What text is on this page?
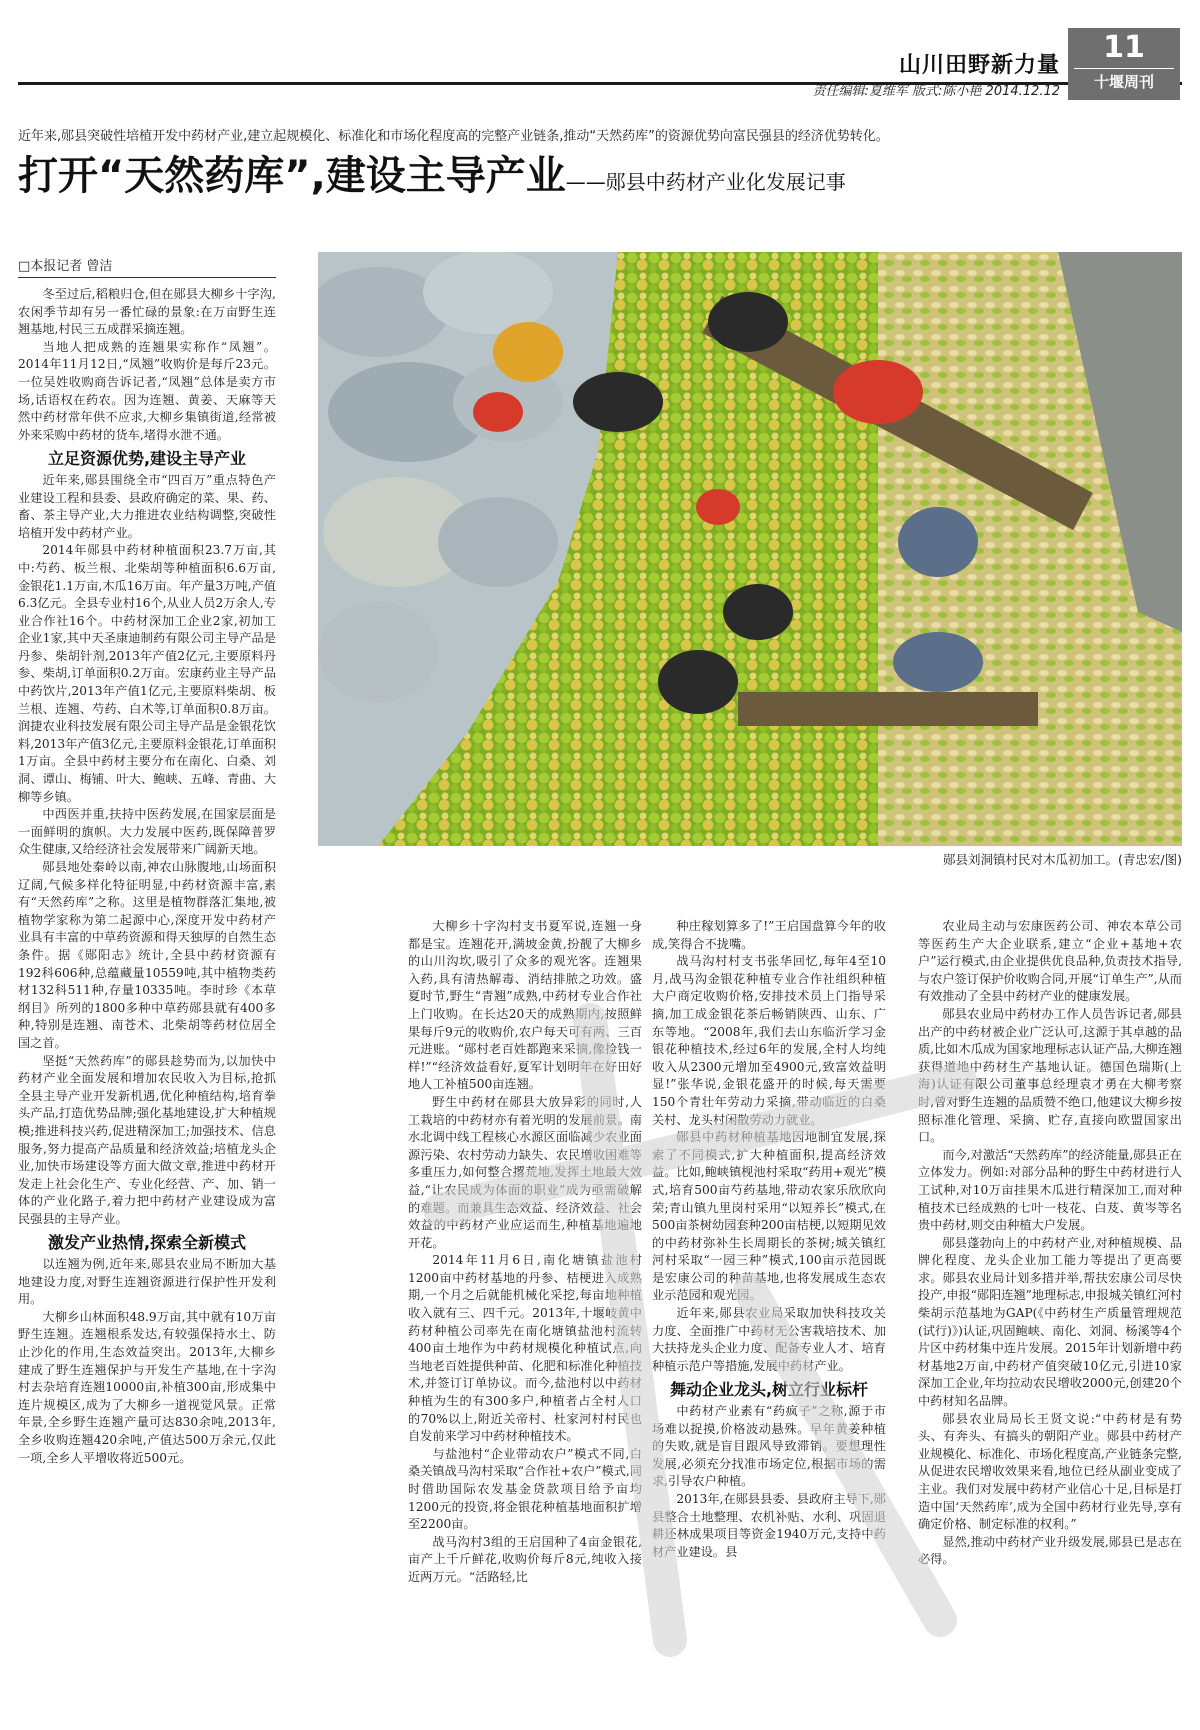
山川田野新力量
责任编辑:夏维军 版式:陈小艳 2014.12.12
11
十堰周刊
近年来,郧县突破性培植开发中药材产业,建立起规模化、标准化和市场化程度高的完整产业链条,推动“天然药库”的资源优势向富民强县的经济优势转化。
打开“天然药库”,建设主导产业——郧县中药材产业化发展记事
□本报记者 曾洁

冬至过后,稻粮归仓,但在郧县大柳乡十字沟,农闲季节却有另一番忙碌的景象:在万亩野生连翘基地,村民三五成群采摘连翘。

当地人把成熟的连翘果实称作“凤翘”。2014年11月12日,“凤翘”收购价是每斤23元。一位吴姓收购商告诉记者,“凤翘”总体是卖方市场,话语权在药农。因为连翘、黄姜、天麻等天然中药材常年供不应求,大柳乡集镇街道,经常被外来采购中药材的货车,堵得水泄不通。

立足资源优势,建设主导产业

近年来,郧县围绕全市“四百万”重点特色产业建设工程和县委、县政府确定的菜、果、药、畜、茶主导产业,大力推进农业结构调整,突破性培植开发中药材产业。

2014年郧县中药材种植面积23.7万亩,其中:芍药、板兰根、北柴胡等种植面积6.6万亩,金银花1.1万亩,木瓜16万亩。年产量3万吨,产值6.3亿元。全县专业村16个,从业人员2万余人,专业合作社16个。中药材深加工企业2家,初加工企业1家,其中天圣康迪制药有限公司主导产品是丹参、柴胡针剂,2013年产值2亿元,主要原料丹参、柴胡,订单面积0.2万亩。宏康药业主导产品中药饮片,2013年产值1亿元,主要原料柴胡、板兰根、连翘、芍药、白术等,订单面积0.8万亩。润捷农业科技发展有限公司主导产品是金银花饮料,2013年产值3亿元,主要原料金银花,订单面积1万亩。全县中药材主要分布在南化、白桑、刘洞、谭山、梅铺、叶大、鲍峡、五峰、青曲、大柳等乡镇。

中西医并重,扶持中医药发展,在国家层面是一面鲜明的旗帜。大力发展中医药,既保障普罗众生健康,又给经济社会发展带来广阔新天地。

郧县地处秦岭以南,神农山脉腹地,山场面积辽阔,气候多样化特征明显,中药材资源丰富,素有“天然药库”之称。这里是植物群落汇集地,被植物学家称为第二起源中心,深度开发中药材产业具有丰富的中草药资源和得天独厚的自然生态条件。据《郧阳志》统计,全县中药材资源有192科606种,总蕴藏量10559吨,其中植物类药材132科511种,存量10335吨。李时珍《本草纲目》所列的1800多种中草药郧县就有400多种,特别是连翘、南苍术、北柴胡等药材位居全国之首。

坚挺“天然药库”的郧县趁势而为,以加快中药材产业全面发展和增加农民收入为目标,抢抓全县主导产业开发新机遇,优化种植结构,培育拳头产品,打造优势品牌;强化基地建设,扩大种植规模;推进科技兴药,促进精深加工;加强技术、信息服务,努力提高产品质量和经济效益;培植龙头企业,加快市场建设等方面大做文章,推进中药材开发走上社会化生产、专业化经营、产、加、销一体的产业化路子,着力把中药材产业建设成为富民强县的主导产业。

激发产业热情,探索全新模式

以连翘为例,近年来,郧县农业局不断加大基地建设力度,对野生连翘资源进行保护性开发利用。

大柳乡山林面积48.9万亩,其中就有10万亩野生连翘。连翘根系发达,有较强保持水土、防止沙化的作用,生态效益突出。2013年,大柳乡建成了野生连翘保护与开发生产基地,在十字沟村去杂培育连翘10000亩,补植300亩,形成集中连片规模区,成为了大柳乡一道视觉风景。正常年景,全乡野生连翘产量可达830余吨,2013年,全乡收购连翘420余吨,产值达500万余元,仅此一项,全乡人平增收将近500元。

郧县刘洞镇村民对木瓜初加工。(青忠宏/图)

大柳乡十字沟村支书夏军说,连翘一身都是宝。连翘花开,满坡金黄,扮靓了大柳乡的山川沟坎,吸引了众多的观光客。连翘果入药,具有清热解毒、消结排脓之功效。盛夏时节,野生“青翘”成熟,中药材专业合作社上门收购。在长达20天的成熟期内,按照鲜果每斤9元的收购价,农户每天可有两、三百元进账。“郧村老百姓都跑来采摘,像捡钱一样!”“经济效益看好,夏军计划明年在好田好地人工补植500亩连翘。

野生中药材在郧县大放异彩的同时,人工栽培的中药材亦有着光明的发展前景。南水北调中线工程核心水源区面临减少农业面源污染、农村劳动力缺失、农民增收困难等多重压力,如何整合撂荒地,发挥土地最大效益,“让农民成为体面的职业”成为亟需破解的难题。而兼具生态效益、经济效益、社会效益的中药材产业应运而生,种植基地遍地开花。

2014年11月6日,南化塘镇盐池村1200亩中药材基地的丹参、桔梗进入成熟期,一个月之后就能机械化采挖,每亩地种植收入就有三、四千元。2013年,十堰岐黄中药材种植公司率先在南化塘镇盐池村流转400亩土地作为中药材规模化种植试点,向当地老百姓提供种苗、化肥和标准化种植技术,并签订订单协议。而今,盐池村以中药材种植为生的有300多户,种植者占全村人口的70%以上,附近关帝村、杜家河村村民也自发前来学习中药材种植技术。

与盐池村“企业带动农户”模式不同,白桑关镇战马沟村采取“合作社+农户”模式,同时借助国际农发基金贷款项目给予亩均1200元的投资,将金银花种植基地面积扩增至2200亩。

战马沟村3组的王启国种了4亩金银花,亩产上千斤鲜花,收购价每斤8元,纯收入接近两万元。“活路轻,比

种庄稼划算多了!”王启国盘算今年的收成,笑得合不拢嘴。

战马沟村村支书张华回忆,每年4至10月,战马沟金银花种植专业合作社组织种植大户商定收购价格,安排技术员上门指导采摘,加工成金银花茶后畅销陕西、山东、广东等地。“2008年,我们去山东临沂学习金银花种植技术,经过6年的发展,全村人均纯收入从2300元增加至4900元,致富效益明显!”张华说,金银花盛开的时候,每天需要150个青壮年劳动力采摘,带动临近的白桑关村、龙头村闲散劳动力就业。

郧县中药材种植基地因地制宜发展,探索了不同模式,扩大种植面积,提高经济效益。比如,鲍峡镇枧池村采取“药用+观光”模式,培育500亩芍药基地,带动农家乐欣欣向荣;青山镇九里岗村采用“以短养长”模式,在500亩茶树幼园套种200亩桔梗,以短期见效的中药材弥补生长周期长的茶树;城关镇红河村采取“一园三种”模式,100亩示范园既是宏康公司的种苗基地,也将发展成生态农业示范园和观光园。

近年来,郧县农业局采取加快科技攻关力度、全面推广中药材无公害栽培技术、加大扶持龙头企业力度、配备专业人才、培育种植示范户等措施,发展中药材产业。

舞动企业龙头,树立行业标杆

中药材产业素有“药疯子”之称,源于市场难以捉摸,价格波动悬殊。早年黄姜种植的失败,就是盲目跟风导致滞销。要想理性发展,必须充分找准市场定位,根据市场的需求,引导农户种植。

2013年,在郧县县委、县政府主导下,郧县整合土地整理、农机补贴、水利、巩固退耕还林成果项目等资金1940万元,支持中药材产业建设。县

农业局主动与宏康医药公司、神农本草公司等医药生产大企业联系,建立“企业+基地+农户”运行模式,由企业提供优良品种,负责技术指导,与农户签订保护价收购合同,开展“订单生产”,从而有效推动了全县中药材产业的健康发展。

郧县农业局中药材办工作人员告诉记者,郧县出产的中药材被企业广泛认可,这源于其卓越的品质,比如木瓜成为国家地理标志认证产品,大柳连翘获得道地中药材生产基地认证。德国色瑞斯(上海)认证有限公司董事总经理袁才勇在大柳考察时,曾对野生连翘的品质赞不绝口,他建议大柳乡按照标准化管理、采摘、贮存,直接向欧盟国家出口。

而今,对激活“天然药库”的经济能量,郧县正在立体发力。例如:对部分品种的野生中药材进行人工试种,对10万亩挂果木瓜进行精深加工,而对种植技术已经成熟的七叶一枝花、白芨、黄岑等名贵中药材,则交由种植大户发展。

郧县蓬勃向上的中药材产业,对种植规模、品牌化程度、龙头企业加工能力等提出了更高要求。郧县农业局计划多措并举,帮扶宏康公司尽快投产,申报“郧阳连翘”地理标志,申报城关镇红河村柴胡示范基地为GAP(《中药材生产质量管理规范(试行)》)认证,巩固鲍峡、南化、刘洞、杨溪等4个片区中药材集中连片发展。2015年计划新增中药材基地2万亩,中药材产值突破10亿元,引进10家深加工企业,年均拉动农民增收2000元,创建20个中药材知名品牌。

郧县农业局局长王贤文说:“中药材是有势头、有奔头、有搞头的朝阳产业。郧县中药材产业规模化、标准化、市场化程度高,产业链条完整,从促进农民增收效果来看,地位已经从副业变成了主业。我们对发展中药材产业信心十足,目标是打造中国‘天然药库’,成为全国中药材行业先导,享有确定价格、制定标准的权利。”

显然,推动中药材产业升级发展,郧县已是志在必得。
